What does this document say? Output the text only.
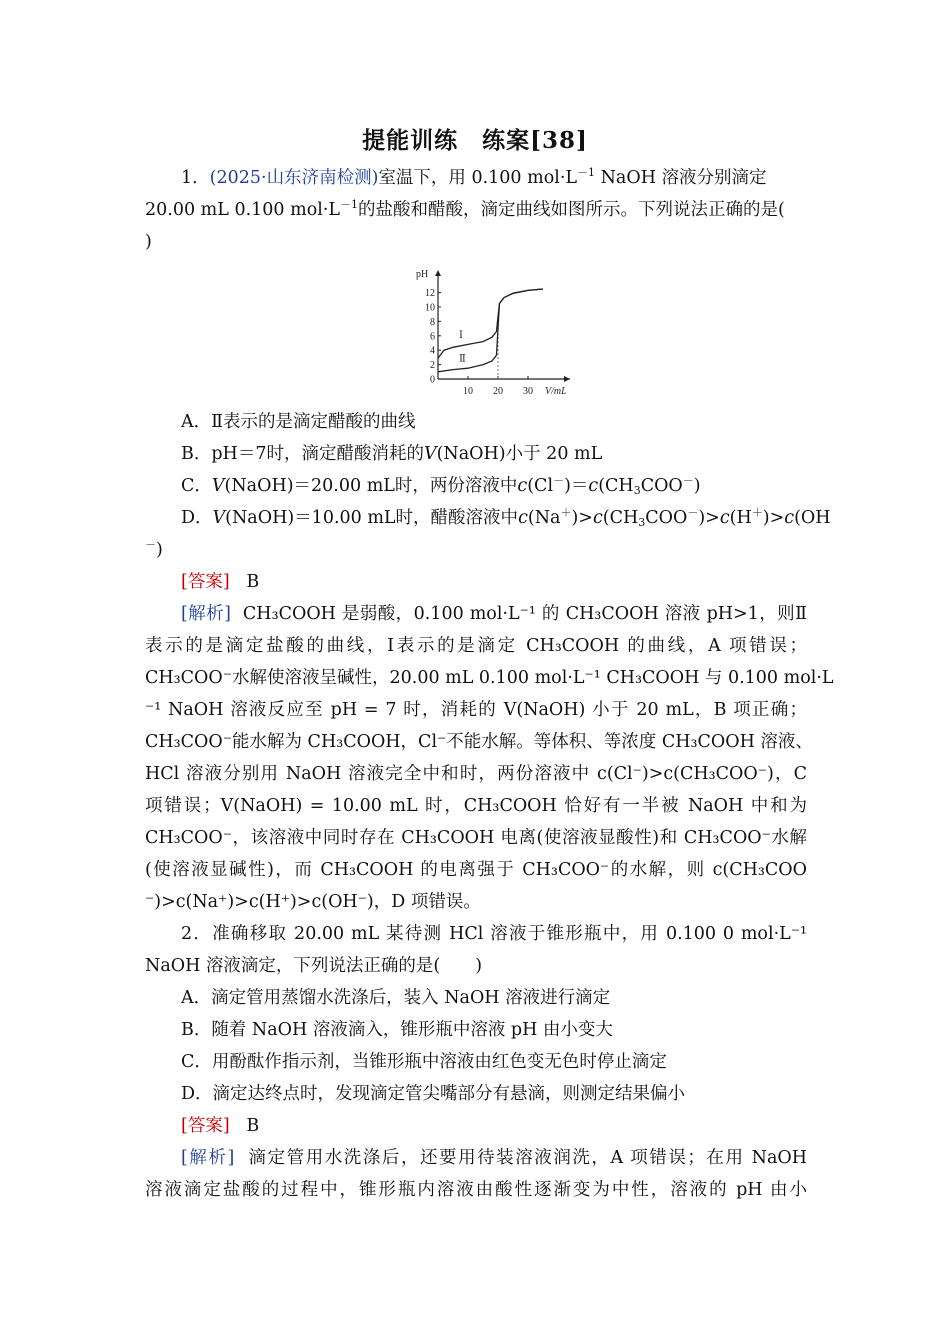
提能训练　练案[38]
1．(2025·山东济南检测)室温下，用 0.100 $mol\cdot L^{-1}$ NaOH 溶液分别滴定
20.00 mL 0.100 $mol\cdot L^{-1}$的盐酸和醋酸，滴定曲线如图所示。下列说法正确的是(
)
pH
V/mL
0
2
4
6
8
10
12
10 20 30
Ⅰ
Ⅱ
A．Ⅱ表示的是滴定醋酸的曲线
B．pH＝7时，滴定醋酸消耗的V(NaOH)小于 20 mL
C．V(NaOH)＝20.00 mL时，两份溶液中$c(Cl^-)=c(CH_3COO^-)$
D．V(NaOH)＝10.00 mL时，醋酸溶液中$c(Na^+)>c(CH_3COO^-)>c(H^+)>c(OH$
－)
[答案] B
[解析] CH₃COOH 是弱酸，0.100 mol·L⁻¹ 的 CH₃COOH 溶液 pH>1，则Ⅱ
表示的是滴定盐酸的曲线，Ⅰ表示的是滴定 CH₃COOH 的曲线，A 项错误；
CH₃COO⁻水解使溶液呈碱性，20.00 mL 0.100 mol·L⁻¹ CH₃COOH 与 0.100 mol·L
⁻¹ NaOH 溶液反应至 pH = 7 时，消耗的 V(NaOH) 小于 20 mL，B 项正确；
CH₃COO⁻能水解为 CH₃COOH，Cl⁻不能水解。等体积、等浓度 CH₃COOH 溶液、
HCl 溶液分别用 NaOH 溶液完全中和时，两份溶液中 c(Cl⁻)>c(CH₃COO⁻)，C
项错误；V(NaOH) = 10.00 mL 时，CH₃COOH 恰好有一半被 NaOH 中和为
CH₃COO⁻，该溶液中同时存在 CH₃COOH 电离(使溶液显酸性)和 CH₃COO⁻水解
(使溶液显碱性)，而 CH₃COOH 的电离强于 CH₃COO⁻的水解，则 c(CH₃COO
⁻)>c(Na⁺)>c(H⁺)>c(OH⁻)，D 项错误。
2．准确移取 20.00 mL 某待测 HCl 溶液于锥形瓶中，用 0.100 0 mol·L⁻¹
NaOH 溶液滴定，下列说法正确的是(　　)
A．滴定管用蒸馏水洗涤后，装入 NaOH 溶液进行滴定
B．随着 NaOH 溶液滴入，锥形瓶中溶液 pH 由小变大
C．用酚酞作指示剂，当锥形瓶中溶液由红色变无色时停止滴定
D．滴定达终点时，发现滴定管尖嘴部分有悬滴，则测定结果偏小
[答案] B
[解析] 滴定管用水洗涤后，还要用待装溶液润洗，A 项错误；在用 NaOH
溶液滴定盐酸的过程中，锥形瓶内溶液由酸性逐渐变为中性，溶液的 pH 由小
